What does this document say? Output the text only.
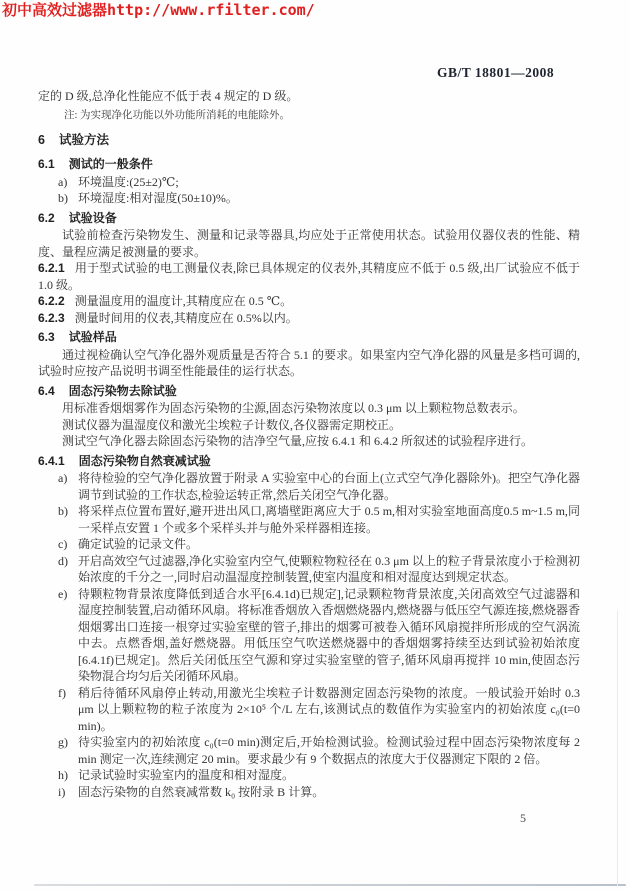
初中高效过滤器http://www.rfilter.com/
GB/T 18801—2008

定的 D 级,总净化性能应不低于表 4 规定的 D 级。

注: 为实现净化功能以外功能所消耗的电能除外。

6 试验方法
6.1 测试的一般条件
a) 环境温度:(25±2)℃;
b) 环境湿度:相对湿度(50±10)%。
6.2 试验设备

试验前检查污染物发生、测量和记录等器具,均应处于正常使用状态。试验用仪器仪表的性能、精度、量程应满足被测量的要求。

6.2.1 用于型式试验的电工测量仪表,除已具体规定的仪表外,其精度应不低于 0.5 级,出厂试验应不低于 1.0 级。

6.2.2 测量温度用的温度计,其精度应在 0.5 ℃。

6.2.3 测量时间用的仪表,其精度应在 0.5%以内。

6.3 试验样品

通过视检确认空气净化器外观质量是否符合 5.1 的要求。如果室内空气净化器的风量是多档可调的,试验时应按产品说明书调至性能最佳的运行状态。

6.4 固态污染物去除试验

用标准香烟烟雾作为固态污染物的尘源,固态污染物浓度以 0.3 μm 以上颗粒物总数表示。

测试仪器为温湿度仪和激光尘埃粒子计数仪,各仪器需定期校正。

测试空气净化器去除固态污染物的洁净空气量,应按 6.4.1 和 6.4.2 所叙述的试验程序进行。

6.4.1 固态污染物自然衰减试验
a) 将待检验的空气净化器放置于附录 A 实验室中心的台面上(立式空气净化器除外)。把空气净化器调节到试验的工作状态,检验运转正常,然后关闭空气净化器。
b) 将采样点位置布置好,避开进出风口,离墙壁距离应大于 0.5 m,相对实验室地面高度0.5 m~1.5 m,同一采样点安置 1 个或多个采样头并与舱外采样器相连接。
c) 确定试验的记录文件。
d) 开启高效空气过滤器,净化实验室内空气,使颗粒物粒径在 0.3 μm 以上的粒子背景浓度小于检测初始浓度的千分之一,同时启动温湿度控制装置,使室内温度和相对湿度达到规定状态。
e) 待颗粒物背景浓度降低到适合水平[6.4.1d)已规定],记录颗粒物背景浓度,关闭高效空气过滤器和湿度控制装置,启动循环风扇。将标准香烟放入香烟燃烧器内,燃烧器与低压空气源连接,燃烧器香烟烟雾出口连接一根穿过实验室壁的管子,排出的烟雾可被卷入循环风扇搅拌所形成的空气涡流中去。点燃香烟,盖好燃烧器。用低压空气吹送燃烧器中的香烟烟雾持续至达到试验初始浓度[6.4.1f)已规定]。然后关闭低压空气源和穿过实验室壁的管子,循环风扇再搅拌 10 min,使固态污染物混合均匀后关闭循环风扇。
f) 稍后待循环风扇停止转动,用激光尘埃粒子计数器测定固态污染物的浓度。一般试验开始时 0.3 μm 以上颗粒物的粒子浓度为 2×10⁵ 个/L 左右,该测试点的数值作为实验室内的初始浓度 c₀(t=0 min)。
g) 待实验室内的初始浓度 c₀(t=0 min)测定后,开始检测试验。检测试验过程中固态污染物浓度每 2 min 测定一次,连续测定 20 min。要求最少有 9 个数据点的浓度大于仪器测定下限的 2 倍。
h) 记录试验时实验室内的温度和相对湿度。
i) 固态污染物的自然衰减常数 k₀ 按附录 B 计算。
5
